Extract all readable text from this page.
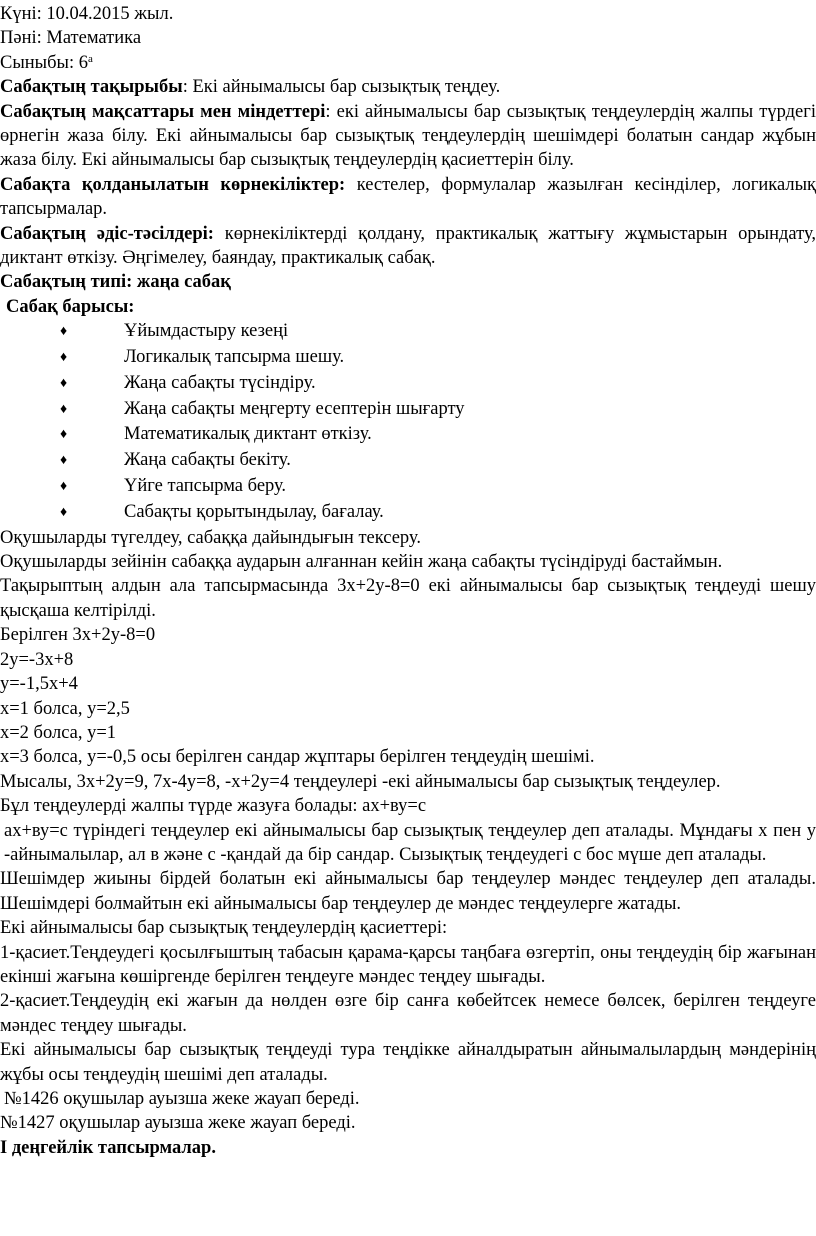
Күні: 10.04.2015 жыл.

Пәні: Математика

Сыныбы: $6^а$

Сабақтың тақырыбы: Екі айнымалысы бар сызықтық теңдеу.

Сабақтың мақсаттары мен міндеттері: екі айнымалысы бар сызықтық теңдеулердің жалпы түрдегі өрнегін жаза білу. Екі айнымалысы бар сызықтық теңдеулердің шешімдері болатын сандар жұбын жаза білу. Екі айнымалысы бар сызықтық теңдеулердің қасиеттерін білу.

Сабақта қолданылатын көрнекіліктер: кестелер, формулалар жазылған кесінділер, логикалық тапсырмалар.

Сабақтың әдіс-тәсілдері: көрнекіліктерді қолдану, практикалық жаттығу жұмыстарын орындату, диктант өткізу. Әңгімелеу, баяндау, практикалық сабақ.

Сабақтың типі: жаңа сабақ

Сабақ барысы:

♦	Ұйымдастыру кезеңі
♦	Логикалық тапсырма шешу.
♦	Жаңа сабақты түсіндіру.
♦	Жаңа сабақты меңгерту есептерін шығарту
♦	Математикалық диктант өткізу.
♦	Жаңа сабақты бекіту.
♦	Үйге тапсырма беру.
♦	Сабақты қорытындылау, бағалау.

Оқушыларды түгелдеу, сабаққа дайындығын тексеру.

Оқушыларды зейінін сабаққа аударын алғаннан кейін жаңа сабақты түсіндіруді бастаймын.

Тақырыптың алдын ала тапсырмасында 3х+2у-8=0 екі айнымалысы бар сызықтық теңдеуді шешу қысқаша келтірілді.

Берілген 3х+2у-8=0

2у=-3х+8

у=-1,5х+4

х=1 болса, у=2,5

х=2 болса, у=1

х=3 болса, у=-0,5 осы берілген сандар жұптары берілген теңдеудің шешімі.

Мысалы, 3х+2у=9, 7х-4у=8, -х+2у=4 теңдеулері -екі айнымалысы бар сызықтық теңдеулер.

Бұл теңдеулерді жалпы түрде жазуға болады: ах+ву=с

ах+ву=с түріндегі теңдеулер екі айнымалысы бар сызықтық теңдеулер деп аталады. Мұндағы х пен у -айнымалылар, ал в және с -қандай да бір сандар. Сызықтық теңдеудегі с бос мүше деп аталады.

Шешімдер жиыны бірдей болатын екі айнымалысы бар теңдеулер мәндес теңдеулер деп аталады. Шешімдері болмайтын екі айнымалысы бар теңдеулер де мәндес теңдеулерге жатады.

Екі айнымалысы бар сызықтық теңдеулердің қасиеттері:

1-қасиет.Теңдеудегі қосылғыштың табасын қарама-қарсы таңбаға өзгертіп, оны теңдеудің бір жағынан екінші жағына көшіргенде берілген теңдеуге мәндес теңдеу шығады.

2-қасиет.Теңдеудің екі жағын да нөлден өзге бір санға көбейтсек немесе бөлсек, берілген теңдеуге мәндес теңдеу шығады.

Екі айнымалысы бар сызықтық теңдеуді тура теңдікке айналдыратын айнымалылардың мәндерінің жұбы осы теңдеудің шешімі деп аталады.

№1426 оқушылар ауызша жеке жауап береді.

№1427 оқушылар ауызша жеке жауап береді.

І деңгейлік тапсырмалар.
